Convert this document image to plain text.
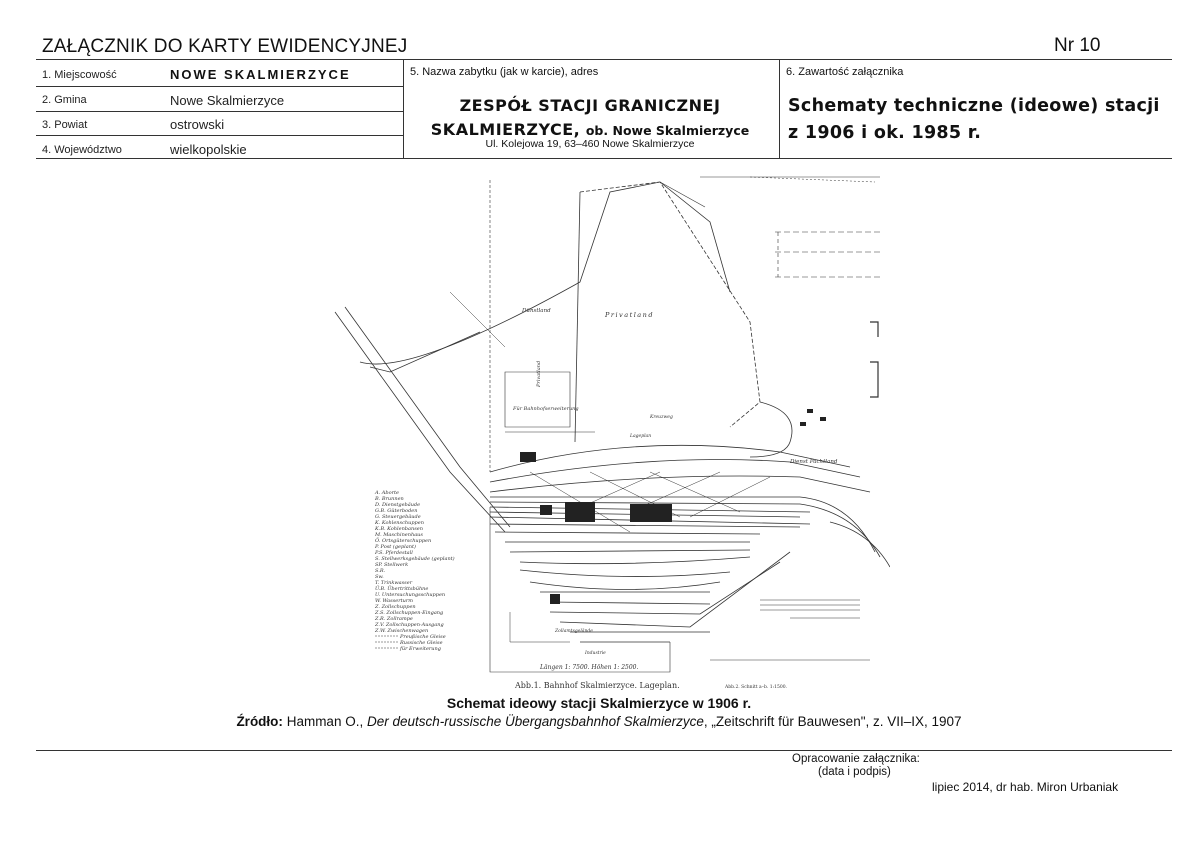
ZAŁĄCZNIK DO KARTY EWIDENCYJNEJ	Nr 10
1. Miejscowość	NOWE SKALMIERZYCE
2. Gmina	Nowe Skalmierzyce
3. Powiat	ostrowski
4. Województwo	wielkopolskie
5. Nazwa zabytku (jak w karcie), adres
ZESPÓŁ STACJI GRANICZNEJ
SKALMIERZYCE, ob. Nowe Skalmierzyce
Ul. Kolejowa 19, 63–460 Nowe Skalmierzyce
6. Zawartość załącznika
Schematy techniczne (ideowe) stacji
z 1906 i ok. 1985 r.
Dünstland	Privatland
Privatland
Für Bahnhofserweiterung
Kreuzweg
Dienst Pachtland
Lageplan
Zollamtsgelände
Industrie
A. Abortе
B. Brunnen
D. Dienstgebäude
G.B. Güterboden
G. Steuergebäude
K. Kohlenschuppen
K.B. Kohlenbansen
M. Maschinenhaus
Ö. Ortsgüterschuppen
P. Post (geplant)
P.S. Pferdestall
S. Stellwerksgebäude (geplant)
SP. Stellwerk
S.R.
Sw.
T. Trinkwasser
Ü.B. Übertrittsbühne
U. Untersuchungsschuppen
W. Wasserturm
Z. Zollschuppen
Z.S. Zollschuppen-Eingang
Z.R. Zollrampe
Z.V. Zollschuppen-Ausgang
Z.W. Zwischenwagen
Preußische Gleise
Russische Gleise
für Erweiterung
Längen 1: 7500. Höhen 1: 2500.
Abb.1. Bahnhof Skalmierzyce. Lageplan.	Abb.2. Schnitt a–b. 1:1500.
Schemat ideowy stacji Skalmierzyce w 1906 r.
Źródło: Hamman O., Der deutsch-russische Übergangsbahnhof Skalmierzyce, „Zeitschrift für Bauwesen", z. VII–IX, 1907
Opracowanie załącznika:
(data i podpis)
lipiec 2014, dr hab. Miron Urbaniak
